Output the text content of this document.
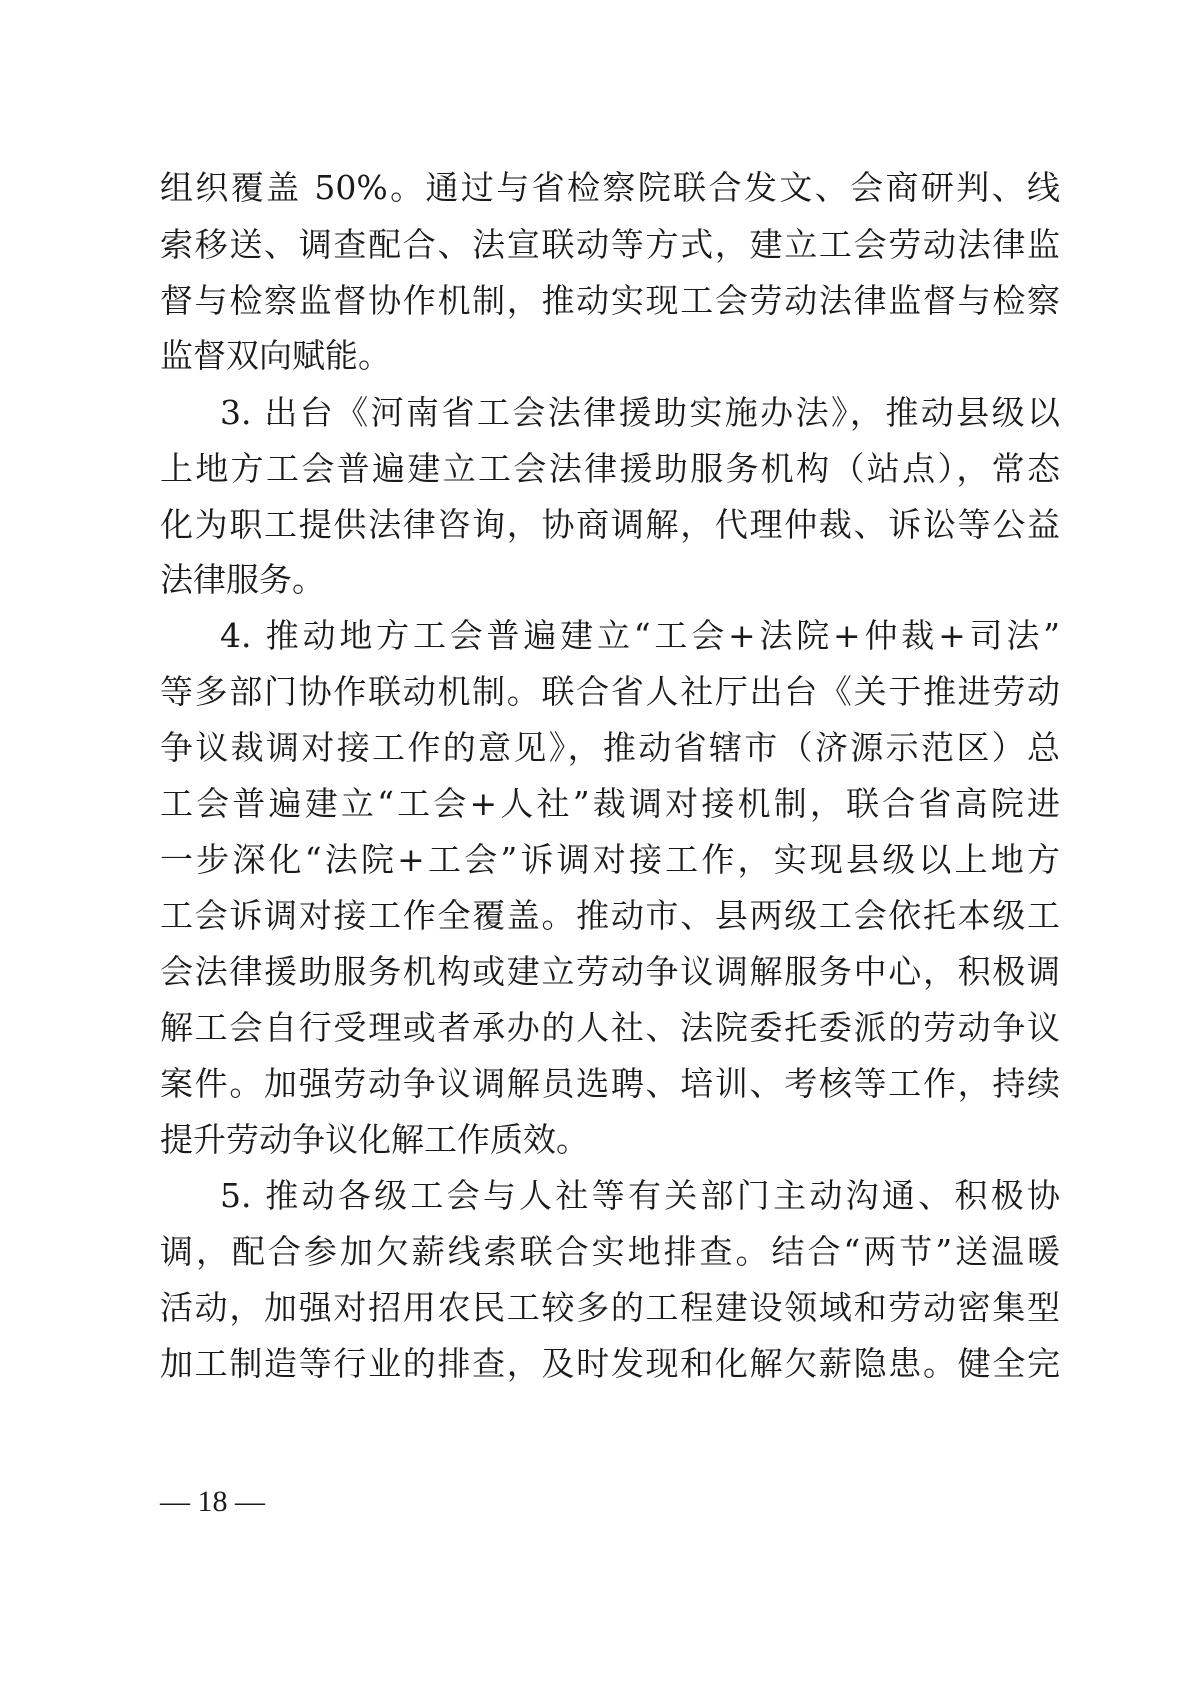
组织覆盖 50%。通过与省检察院联合发文、会商研判、线
索移送、调查配合、法宣联动等方式，建立工会劳动法律监
督与检察监督协作机制，推动实现工会劳动法律监督与检察
监督双向赋能。
3. 出台《河南省工会法律援助实施办法》，推动县级以
上地方工会普遍建立工会法律援助服务机构（站点），常态
化为职工提供法律咨询，协商调解，代理仲裁、诉讼等公益
法律服务。
4. 推动地方工会普遍建立“工会+法院+仲裁+司法”
等多部门协作联动机制。联合省人社厅出台《关于推进劳动
争议裁调对接工作的意见》，推动省辖市（济源示范区）总
工会普遍建立“工会+人社”裁调对接机制，联合省高院进
一步深化“法院+工会”诉调对接工作，实现县级以上地方
工会诉调对接工作全覆盖。推动市、县两级工会依托本级工
会法律援助服务机构或建立劳动争议调解服务中心，积极调
解工会自行受理或者承办的人社、法院委托委派的劳动争议
案件。加强劳动争议调解员选聘、培训、考核等工作，持续
提升劳动争议化解工作质效。
5. 推动各级工会与人社等有关部门主动沟通、积极协
调，配合参加欠薪线索联合实地排查。结合“两节”送温暖
活动，加强对招用农民工较多的工程建设领域和劳动密集型
加工制造等行业的排查，及时发现和化解欠薪隐患。健全完
— 18 —
